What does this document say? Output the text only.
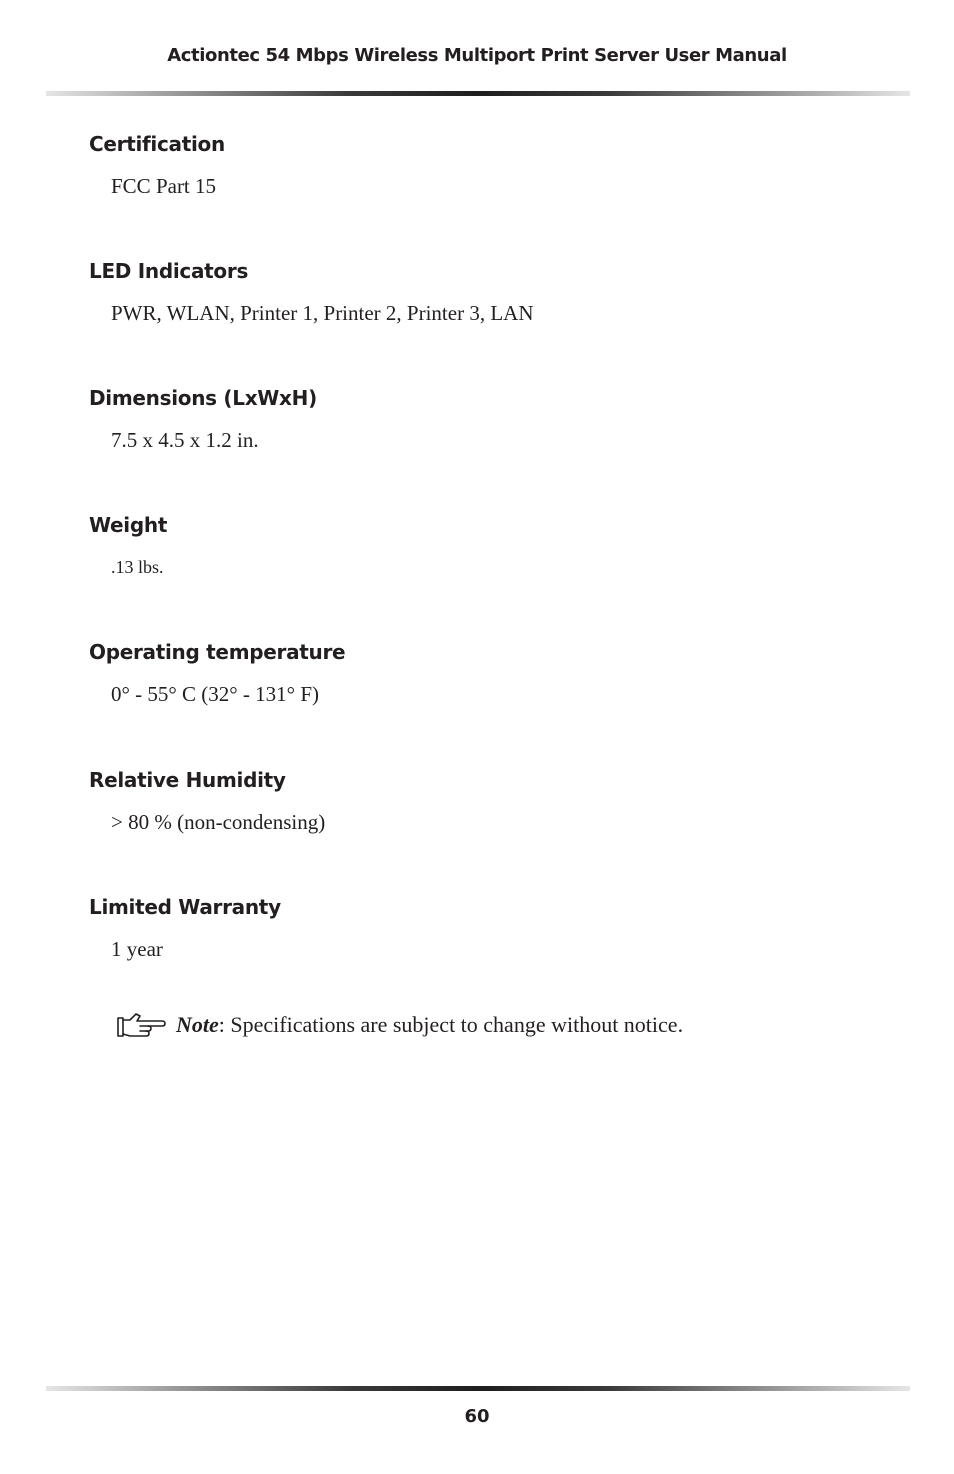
Actiontec 54 Mbps Wireless Multiport Print Server User Manual

Certification

FCC Part 15

LED Indicators

PWR, WLAN, Printer 1, Printer 2, Printer 3, LAN

Dimensions (LxWxH)

7.5 x 4.5 x 1.2 in.

Weight

.13 lbs.

Operating temperature

0° - 55° C (32° - 131° F)

Relative Humidity

> 80 % (non-condensing)

Limited Warranty

1 year

Note: Specifications are subject to change without notice.
60
